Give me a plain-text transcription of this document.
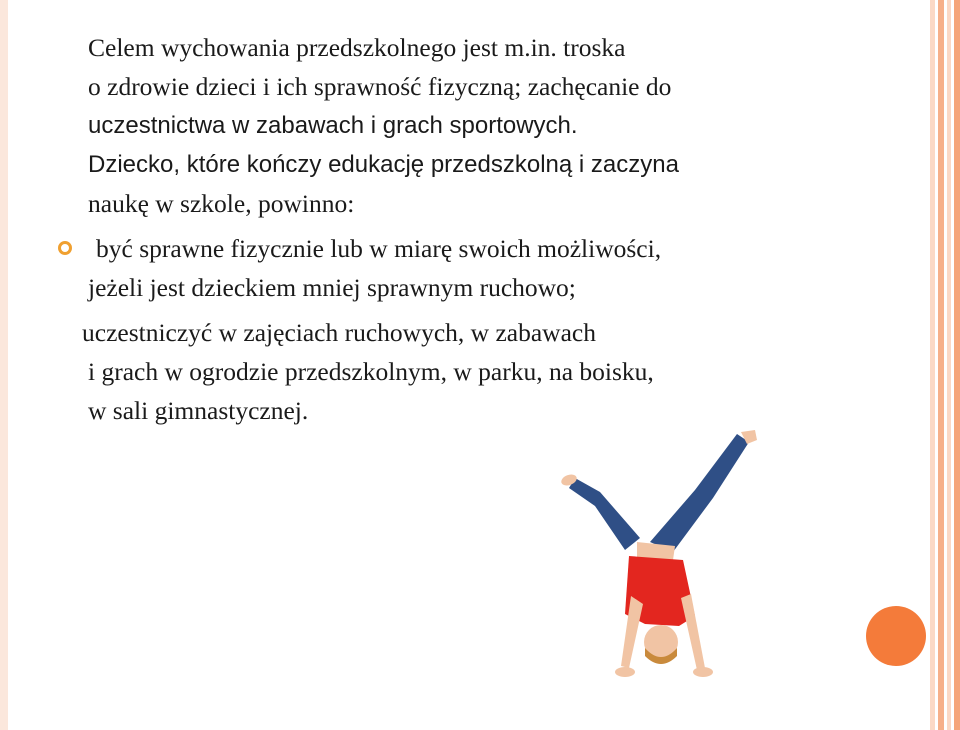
Celem wychowania przedszkolnego jest m.in. troska
o zdrowie dzieci i ich sprawność fizyczną; zachęcanie do
uczestnictwa w zabawach i grach sportowych.
Dziecko, które kończy edukację przedszkolną i zaczyna
naukę w szkole, powinno:
być sprawne fizycznie lub w miarę swoich możliwości,
jeżeli jest dzieckiem mniej sprawnym ruchowo;
uczestniczyć w zajęciach ruchowych, w zabawach
i grach w ogrodzie przedszkolnym, w parku, na boisku,
w sali gimnastycznej.
